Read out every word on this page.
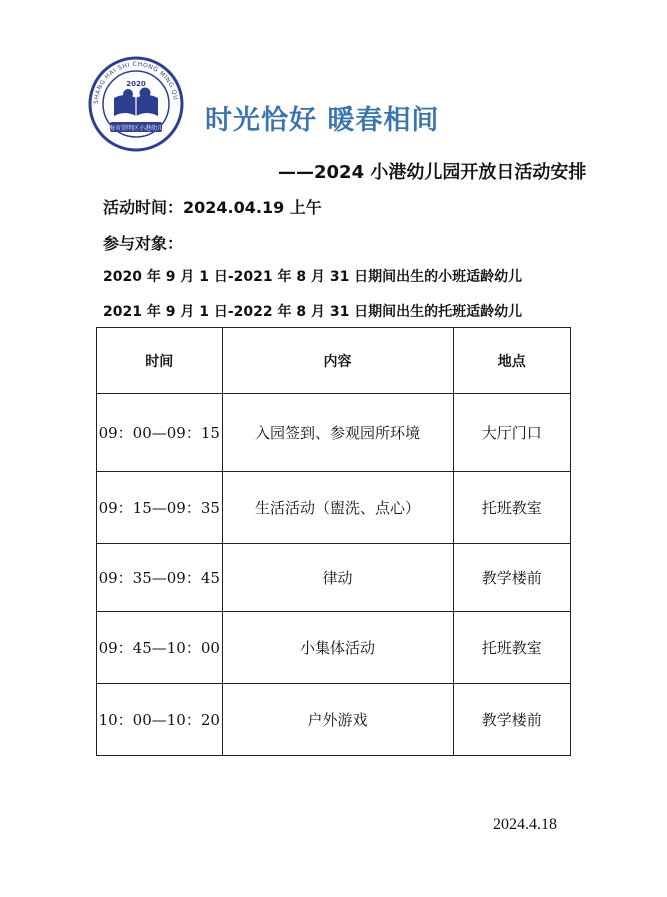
SHANG HAI SHI CHONG MING QU
2020
上海市崇明区小港幼儿园 时光恰好 暖春相间
——2024 小港幼儿园开放日活动安排
活动时间：2024.04.19 上午
参与对象：
2020 年 9 月 1 日-2021 年 8 月 31 日期间出生的小班适龄幼儿
2021 年 9 月 1 日-2022 年 8 月 31 日期间出生的托班适龄幼儿
时间	内容	地点
09：00—09：15	入园签到、参观园所环境	大厅门口
09：15—09：35	生活活动（盥洗、点心）	托班教室
09：35—09：45	律动	教学楼前
09：45—10：00	小集体活动	托班教室
10：00—10：20	户外游戏	教学楼前
2024.4.18
